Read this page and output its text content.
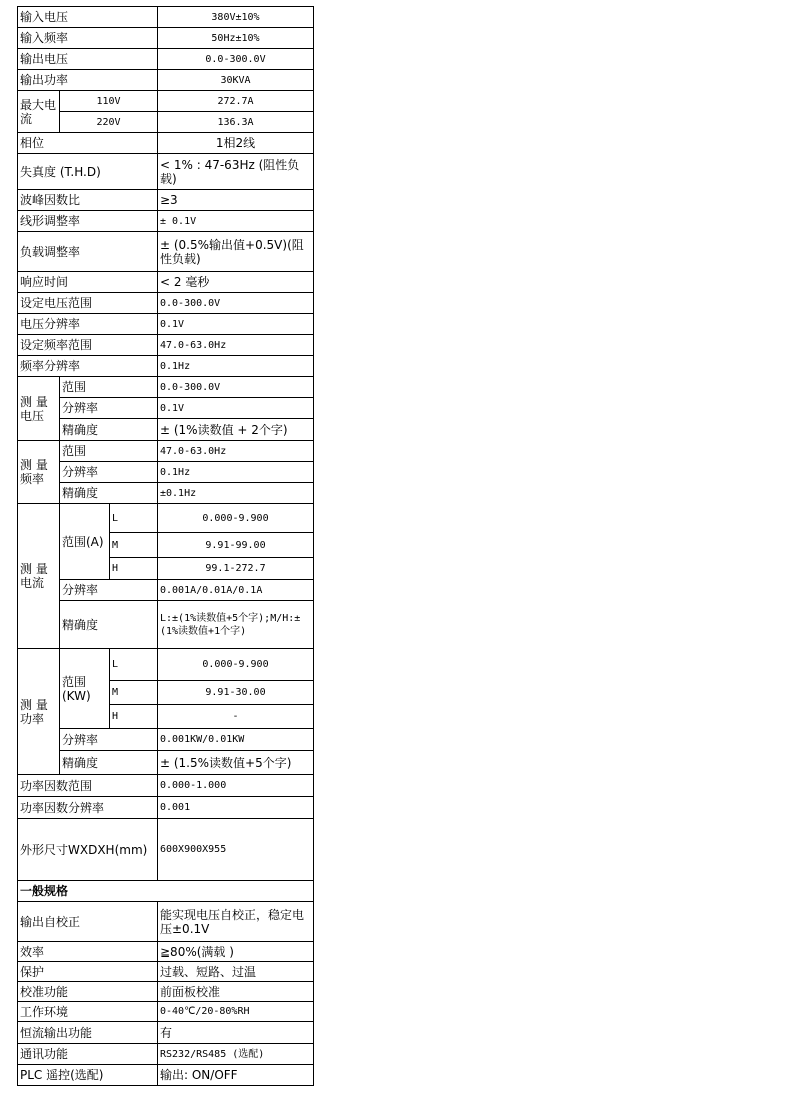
输入电压			380V±10%
输入频率			50Hz±10%
输出电压			0.0-300.0V
输出功率			30KVA
最大电流	110V		272.7A
	220V		136.3A
相位			1相2线
失真度 (T.H.D)			< 1% : 47-63Hz (阻性负载)
波峰因数比			≥3
线形调整率			± 0.1V
负载调整率			± (0.5%输出值+0.5V)(阻性负载)
响应时间			< 2 毫秒
设定电压范围			0.0-300.0V
电压分辨率			0.1V
设定频率范围			47.0-63.0Hz
频率分辨率			0.1Hz
测 量电压	范围		0.0-300.0V
	分辨率		0.1V
	精确度		± (1%读数值 + 2个字)
测 量频率	范围		47.0-63.0Hz
	分辨率		0.1Hz
	精确度		±0.1Hz
测 量电流	范围(A)	L	0.000-9.900
		M	9.91-99.00
		H	99.1-272.7
	分辨率		0.001A/0.01A/0.1A
	精确度		L:±(1%读数值+5个字);M/H:± (1%读数值+1个字)
测 量功率	范围 (KW)	L	0.000-9.900
		M	9.91-30.00
		H	-
	分辨率		0.001KW/0.01KW
	精确度		± (1.5%读数值+5个字)
功率因数范围			0.000-1.000
功率因数分辨率			0.001
外形尺寸WXDXH(mm)			600X900X955
一般规格			
输出自校正			能实现电压自校正，稳定电压±0.1V
效率			≧80%(满载 )
保护			过载、短路、过温
校准功能			前面板校准
工作环境			0-40℃/20-80%RH
恒流输出功能			有
通讯功能			RS232/RS485 (选配)
PLC 遥控(选配)			输出: ON/OFF
